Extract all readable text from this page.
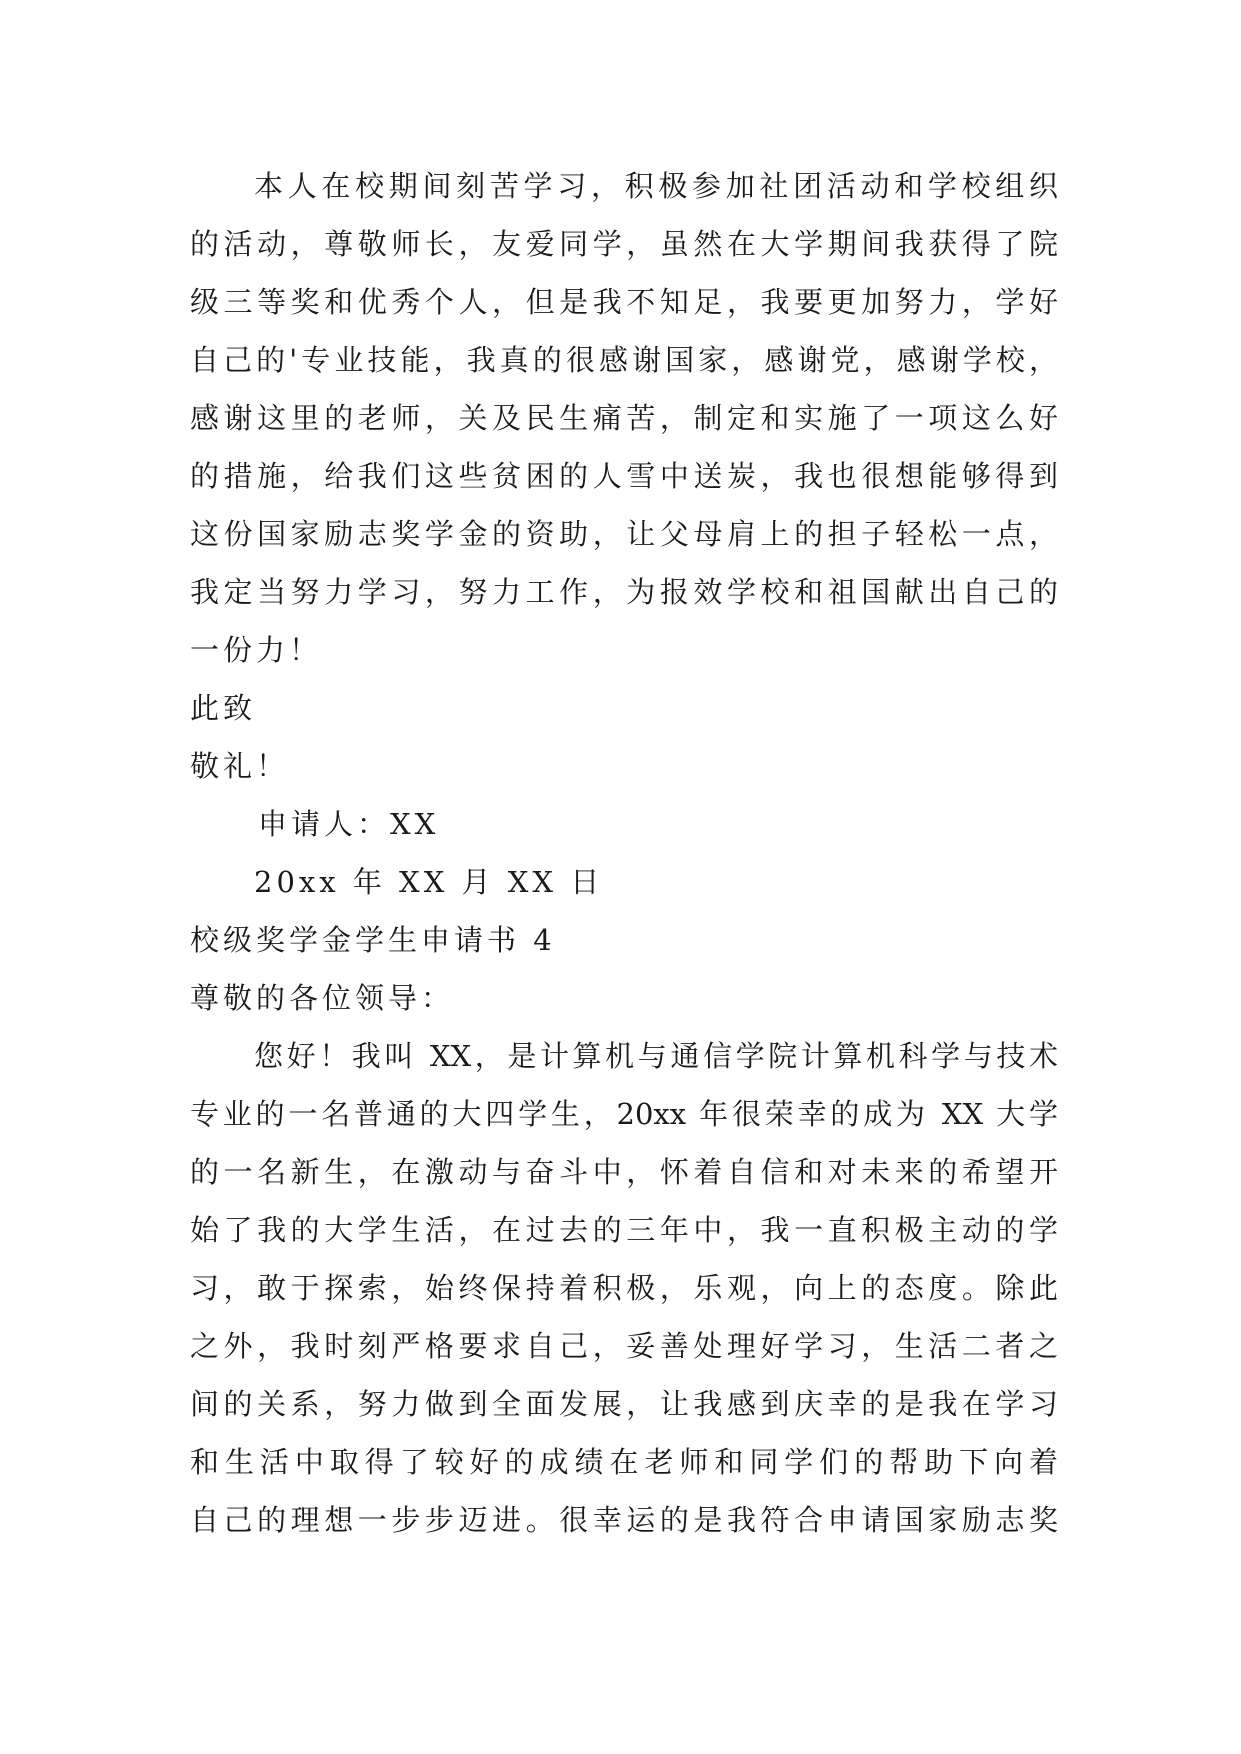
本人在校期间刻苦学习，积极参加社团活动和学校组织
的活动，尊敬师长，友爱同学，虽然在大学期间我获得了院
级三等奖和优秀个人，但是我不知足，我要更加努力，学好
自己的'专业技能，我真的很感谢国家，感谢党，感谢学校，
感谢这里的老师，关及民生痛苦，制定和实施了一项这么好
的措施，给我们这些贫困的人雪中送炭，我也很想能够得到
这份国家励志奖学金的资助，让父母肩上的担子轻松一点，
我定当努力学习，努力工作，为报效学校和祖国献出自己的
一份力！
此致
敬礼！
申请人：XX
20xx 年 XX 月 XX 日
校级奖学金学生申请书 4
尊敬的各位领导：
您好！我叫 XX，是计算机与通信学院计算机科学与技术
专业的一名普通的大四学生，20xx 年很荣幸的成为 XX 大学
的一名新生，在激动与奋斗中，怀着自信和对未来的希望开
始了我的大学生活，在过去的三年中，我一直积极主动的学
习，敢于探索，始终保持着积极，乐观，向上的态度。除此
之外，我时刻严格要求自己，妥善处理好学习，生活二者之
间的关系，努力做到全面发展，让我感到庆幸的是我在学习
和生活中取得了较好的成绩在老师和同学们的帮助下向着
自己的理想一步步迈进。很幸运的是我符合申请国家励志奖
